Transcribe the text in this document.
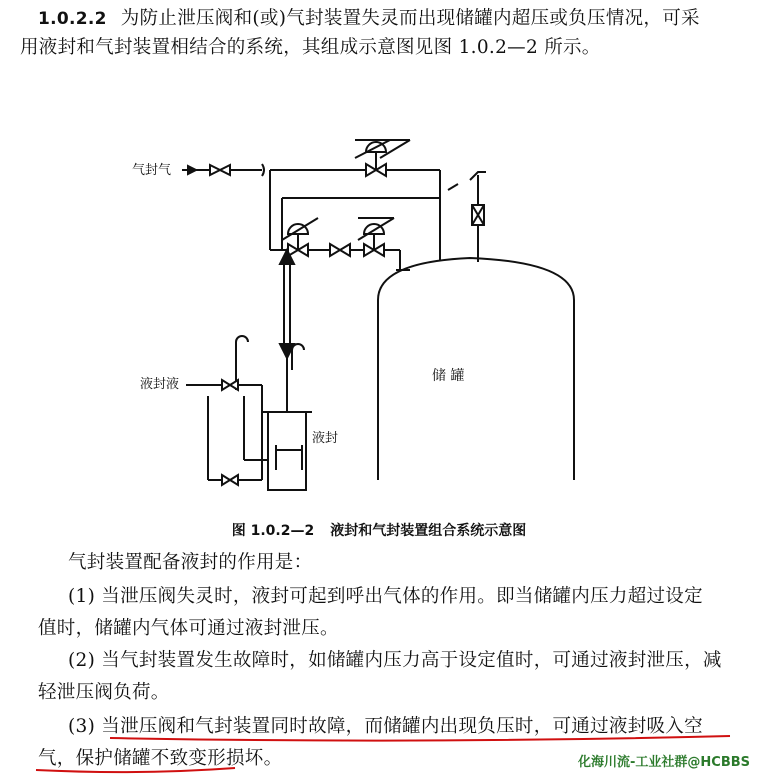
1.0.2.2 为防止泄压阀和(或)气封装置失灵而出现储罐内超压或负压情况，可采
用液封和气封装置相结合的系统，其组成示意图见图 1.0.2—2 所示。
气封气
液封液
液封
储 罐
图 1.0.2—2 液封和气封装置组合系统示意图
气封装置配备液封的作用是：
(1) 当泄压阀失灵时，液封可起到呼出气体的作用。即当储罐内压力超过设定
值时，储罐内气体可通过液封泄压。
(2) 当气封装置发生故障时，如储罐内压力高于设定值时，可通过液封泄压，减
轻泄压阀负荷。
(3) 当泄压阀和气封装置同时故障，而储罐内出现负压时，可通过液封吸入空
气，保护储罐不致变形损坏。	化海川流-工业社群@HCBBS
